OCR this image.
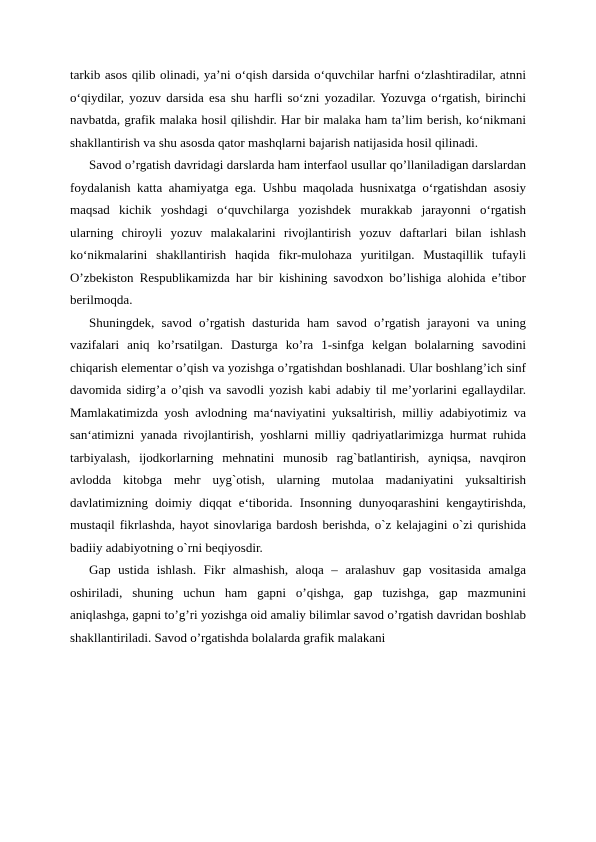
tarkib asos qilib olinadi, ya’ni o‘qish darsida o‘quvchilar harfni o‘zlashtiradilar, atnni o‘qiydilar, yozuv darsida esa shu harfli so‘zni yozadilar. Yozuvga o‘rgatish, birinchi navbatda, grafik malaka hosil qilishdir. Har bir malaka ham ta’lim berish, ko‘nikmani shakllantirish va shu asosda qator mashqlarni bajarish natijasida hosil qilinadi.

Savod o’rgatish davridagi darslarda ham interfaol usullar qo’llaniladigan darslardan foydalanish katta ahamiyatga ega. Ushbu maqolada husnixatga o‘rgatishdan asosiy maqsad kichik yoshdagi o‘quvchilarga yozishdek murakkab jarayonni o‘rgatish ularning chiroyli yozuv malakalarini rivojlantirish yozuv daftarlari bilan ishlash ko‘nikmalarini shakllantirish haqida fikr-mulohaza yuritilgan. Mustaqillik tufayli O’zbekiston Respublikamizda har bir kishining savodxon bo’lishiga alohida e’tibor berilmoqda.

Shuningdek, savod o’rgatish dasturida ham savod o’rgatish jarayoni va uning vazifalari aniq ko’rsatilgan. Dasturga ko’ra 1-sinfga kelgan bolalarning savodini chiqarish elementar o’qish va yozishga o’rgatishdan boshlanadi. Ular boshlang’ich sinf davomida sidirg’a o’qish va savodli yozish kabi adabiy til me’yorlarini egallaydilar. Mamlakatimizda yosh avlodning ma‘naviyatini yuksaltirish, milliy adabiyotimiz va san‘atimizni yanada rivojlantirish, yoshlarni milliy qadriyatlarimizga hurmat ruhida tarbiyalash, ijodkorlarning mehnatini munosib rag`batlantirish, ayniqsa, navqiron avlodda kitobga mehr uyg`otish, ularning mutolaa madaniyatini yuksaltirish davlatimizning doimiy diqqat e‘tiborida. Insonning dunyoqarashini kengaytirishda, mustaqil fikrlashda, hayot sinovlariga bardosh berishda, o`z kelajagini o`zi qurishida badiiy adabiyotning o`rni beqiyosdir.

Gap ustida ishlash. Fikr almashish, aloqa – aralashuv gap vositasida amalga oshiriladi, shuning uchun ham gapni o’qishga, gap tuzishga, gap mazmunini aniqlashga, gapni to’g’ri yozishga oid amaliy bilimlar savod o’rgatish davridan boshlab shakllantiriladi. Savod o’rgatishda bolalarda grafik malakani
